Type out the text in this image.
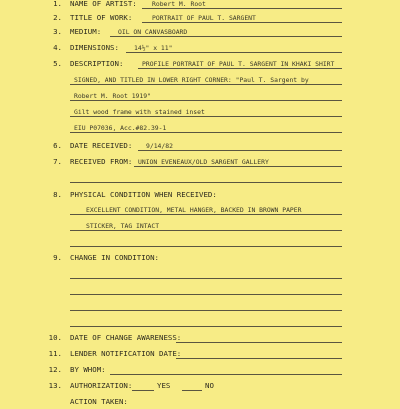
1. NAME OF ARTIST: Robert M. Root
2. TITLE OF WORK:	PORTRAIT OF PAUL T. SARGENT
3. MEDIUM:	OIL ON CANVASBOARD
4. DIMENSIONS: 14½" x 11"
5. DESCRIPTION:	PROFILE PORTRAIT OF PAUL T. SARGENT IN KHAKI SHIRT
SIGNED, AND TITLED IN LOWER RIGHT CORNER: "Paul T. Sargent by
Robert M. Root 1919"
Gilt wood frame with stained inset
EIU P07036, Acc.#82.39-1
6. DATE RECEIVED: 9/14/82
7. RECEIVED FROM: UNION EVENEAUX/OLD SARGENT GALLERY
8. PHYSICAL CONDITION WHEN RECEIVED:
EXCELLENT CONDITION, METAL HANGER, BACKED IN BROWN PAPER
STICKER, TAG INTACT
9. CHANGE IN CONDITION:
10. DATE OF CHANGE AWARENESS:
11. LENDER NOTIFICATION DATE:
12. BY WHOM:
13. AUTHORIZATION:	YES	NO
ACTION TAKEN:
